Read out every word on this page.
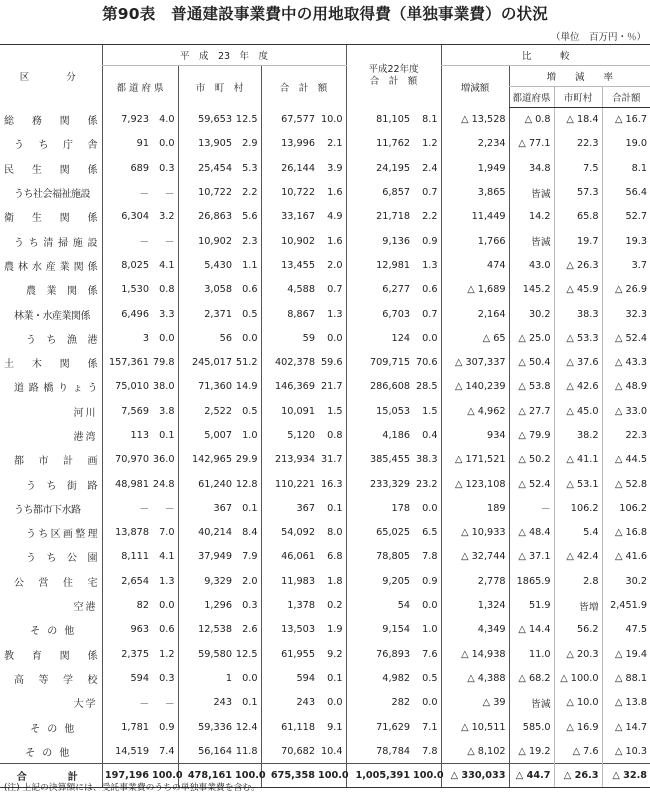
第90表　普通建設事業費中の用地取得費（単独事業費）の状況
（単位　百万円・％）
区　　分	平　成　23　年　度						平成22年度
合　計　額		比　　　較			
	都 道 府 県		市　町　村		合　計　額				増減額	増　　減　　率		
										都道府県	市町村	合計額
総務関係	7,923	4.0	59,653	12.5	67,577	10.0	81,105	8.1	△ 13,528	△ 0.8	△ 18.4	△ 16.7
うち庁舎	91	0.0	13,905	2.9	13,996	2.1	11,762	1.2	2,234	△ 77.1	22.3	19.0
民生関係	689	0.3	25,454	5.3	26,144	3.9	24,195	2.4	1,949	34.8	7.5	8.1
うち社会福祉施設	－	－	10,722	2.2	10,722	1.6	6,857	0.7	3,865	皆減	57.3	56.4
衛生関係	6,304	3.2	26,863	5.6	33,167	4.9	21,718	2.2	11,449	14.2	65.8	52.7
うち清掃施設	－	－	10,902	2.3	10,902	1.6	9,136	0.9	1,766	皆減	19.7	19.3
農林水産業関係	8,025	4.1	5,430	1.1	13,455	2.0	12,981	1.3	474	43.0	△ 26.3	3.7
農業関係	1,530	0.8	3,058	0.6	4,588	0.7	6,277	0.6	△ 1,689	145.2	△ 45.9	△ 26.9
林業・水産業関係	6,496	3.3	2,371	0.5	8,867	1.3	6,703	0.7	2,164	30.2	38.3	32.3
うち漁港	3	0.0	56	0.0	59	0.0	124	0.0	△ 65	△ 25.0	△ 53.3	△ 52.4
土木関係	157,361	79.8	245,017	51.2	402,378	59.6	709,715	70.6	△ 307,337	△ 50.4	△ 37.6	△ 43.3
道路橋りょう	75,010	38.0	71,360	14.9	146,369	21.7	286,608	28.5	△ 140,239	△ 53.8	△ 42.6	△ 48.9
河川	7,569	3.8	2,522	0.5	10,091	1.5	15,053	1.5	△ 4,962	△ 27.7	△ 45.0	△ 33.0
港湾	113	0.1	5,007	1.0	5,120	0.8	4,186	0.4	934	△ 79.9	38.2	22.3
都市計画	70,970	36.0	142,965	29.9	213,934	31.7	385,455	38.3	△ 171,521	△ 50.2	△ 41.1	△ 44.5
うち街路	48,981	24.8	61,240	12.8	110,221	16.3	233,329	23.2	△ 123,108	△ 52.4	△ 53.1	△ 52.8
うち都市下水路	－	－	367	0.1	367	0.1	178	0.0	189	－	106.2	106.2
うち区画整理	13,878	7.0	40,214	8.4	54,092	8.0	65,025	6.5	△ 10,933	△ 48.4	5.4	△ 16.8
うち公園	8,111	4.1	37,949	7.9	46,061	6.8	78,805	7.8	△ 32,744	△ 37.1	△ 42.4	△ 41.6
公営住宅	2,654	1.3	9,329	2.0	11,983	1.8	9,205	0.9	2,778	1865.9	2.8	30.2
空港	82	0.0	1,296	0.3	1,378	0.2	54	0.0	1,324	51.9	皆増	2,451.9
その他	963	0.6	12,538	2.6	13,503	1.9	9,154	1.0	4,349	△ 14.4	56.2	47.5
教育関係	2,375	1.2	59,580	12.5	61,955	9.2	76,893	7.6	△ 14,938	11.0	△ 20.3	△ 19.4
高等学校	594	0.3	1	0.0	594	0.1	4,982	0.5	△ 4,388	△ 68.2	△ 100.0	△ 88.1
大学	－	－	243	0.1	243	0.0	282	0.0	△ 39	皆減	△ 10.0	△ 13.8
その他	1,781	0.9	59,336	12.4	61,118	9.1	71,629	7.1	△ 10,511	585.0	△ 16.9	△ 14.7
その他	14,519	7.4	56,164	11.8	70,682	10.4	78,784	7.8	△ 8,102	△ 19.2	△ 7.6	△ 10.3
合　　計	197,196	100.0	478,161	100.0	675,358	100.0	1,005,391	100.0	△ 330,033	△ 44.7	△ 26.3	△ 32.8
(注) 上記の決算額には、受託事業費のうちの単独事業費を含む。
